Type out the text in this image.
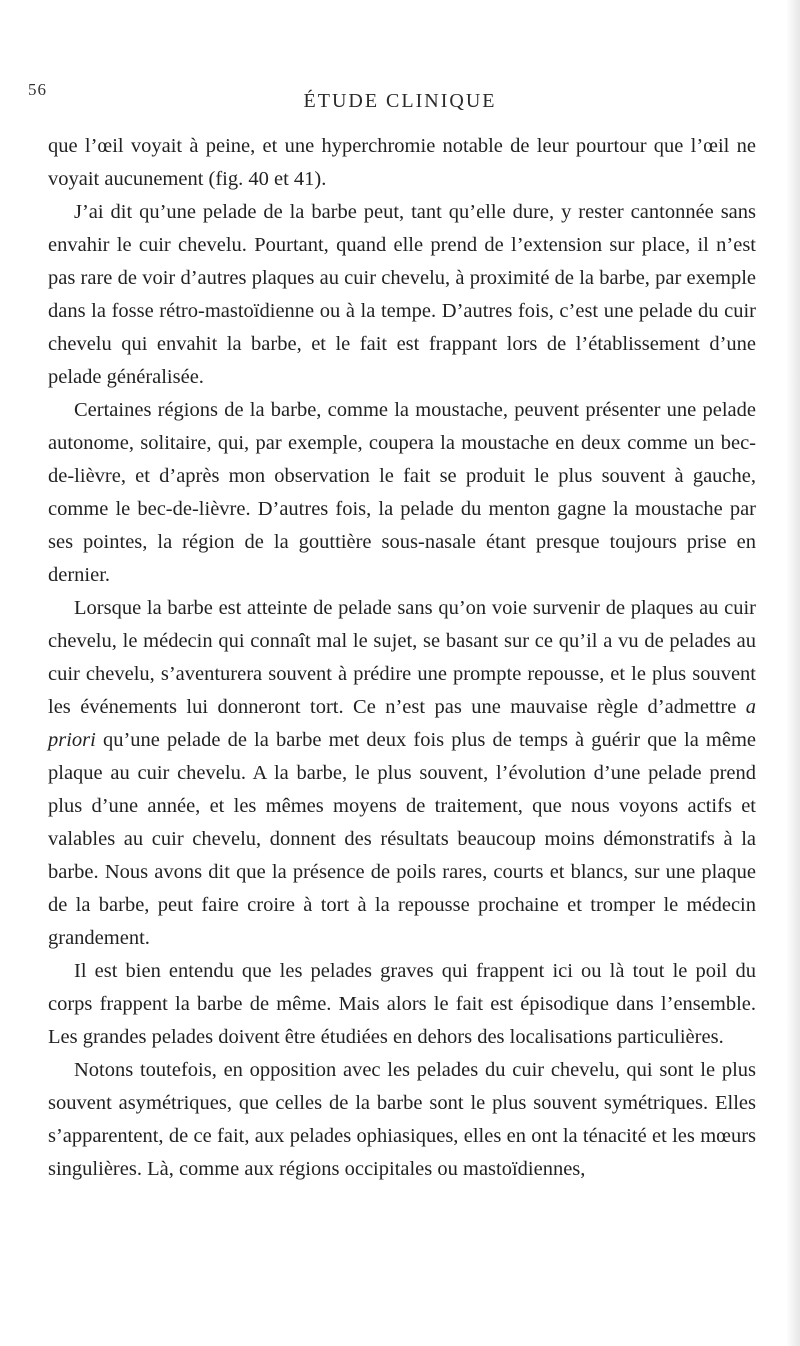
56
ÉTUDE CLINIQUE

que l’œil voyait à peine, et une hyperchromie notable de leur pourtour que l’œil ne voyait aucunement (fig. 40 et 41).

J’ai dit qu’une pelade de la barbe peut, tant qu’elle dure, y rester cantonnée sans envahir le cuir chevelu. Pourtant, quand elle prend de l’extension sur place, il n’est pas rare de voir d’autres plaques au cuir chevelu, à proximité de la barbe, par exemple dans la fosse rétro-mastoïdienne ou à la tempe. D’autres fois, c’est une pelade du cuir chevelu qui envahit la barbe, et le fait est frappant lors de l’établissement d’une pelade généralisée.

Certaines régions de la barbe, comme la moustache, peuvent présenter une pelade autonome, solitaire, qui, par exemple, coupera la moustache en deux comme un bec-de-lièvre, et d’après mon observation le fait se produit le plus souvent à gauche, comme le bec-de-lièvre. D’autres fois, la pelade du menton gagne la moustache par ses pointes, la région de la gouttière sous-nasale étant presque toujours prise en dernier.

Lorsque la barbe est atteinte de pelade sans qu’on voie survenir de plaques au cuir chevelu, le médecin qui connaît mal le sujet, se basant sur ce qu’il a vu de pelades au cuir chevelu, s’aventurera souvent à prédire une prompte repousse, et le plus souvent les événements lui donneront tort. Ce n’est pas une mauvaise règle d’admettre a priori qu’une pelade de la barbe met deux fois plus de temps à guérir que la même plaque au cuir chevelu. A la barbe, le plus souvent, l’évolution d’une pelade prend plus d’une année, et les mêmes moyens de traitement, que nous voyons actifs et valables au cuir chevelu, donnent des résultats beaucoup moins démonstratifs à la barbe. Nous avons dit que la présence de poils rares, courts et blancs, sur une plaque de la barbe, peut faire croire à tort à la repousse prochaine et tromper le médecin grandement.

Il est bien entendu que les pelades graves qui frappent ici ou là tout le poil du corps frappent la barbe de même. Mais alors le fait est épisodique dans l’ensemble. Les grandes pelades doivent être étudiées en dehors des localisations particulières.

Notons toutefois, en opposition avec les pelades du cuir chevelu, qui sont le plus souvent asymétriques, que celles de la barbe sont le plus souvent symétriques. Elles s’apparentent, de ce fait, aux pelades ophiasiques, elles en ont la ténacité et les mœurs singulières. Là, comme aux régions occipitales ou mastoïdiennes,
